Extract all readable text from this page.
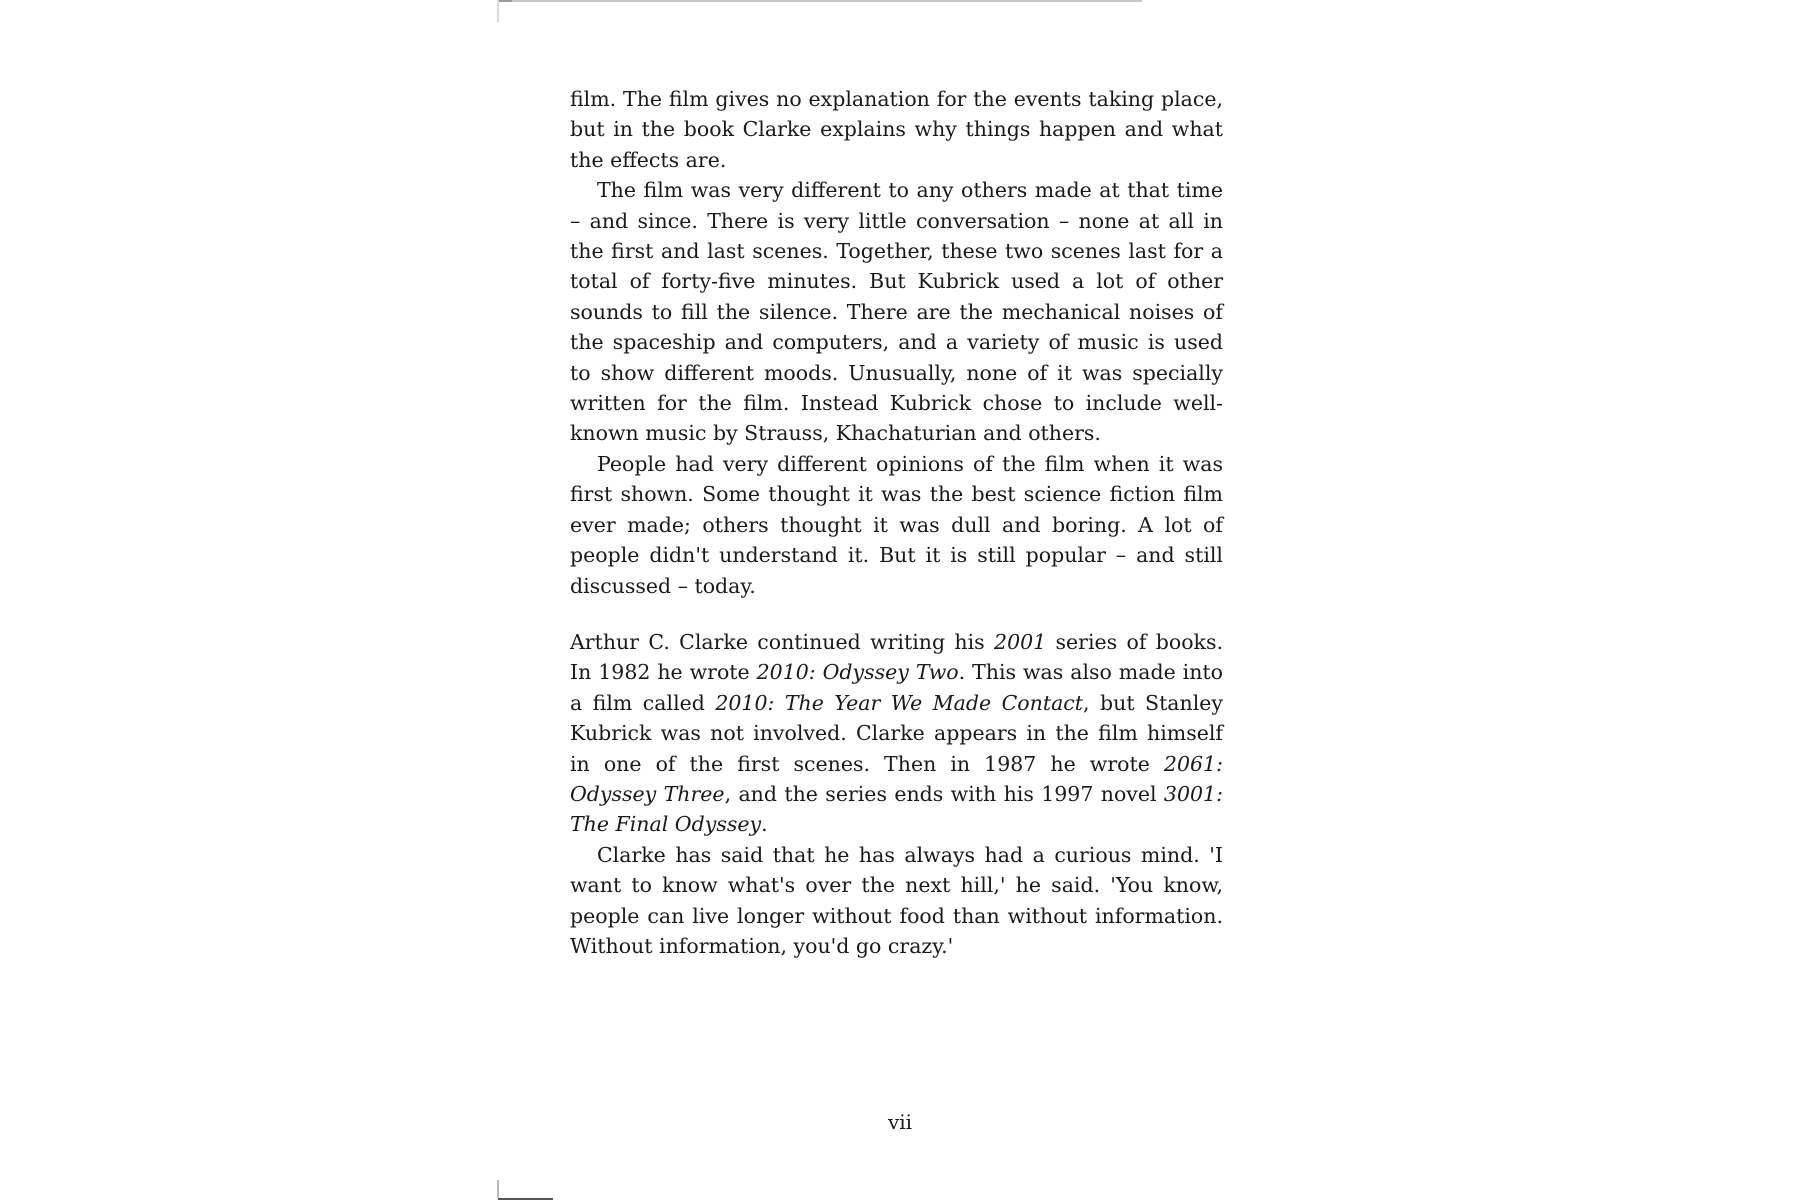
film. The film gives no explanation for the events taking place, but in the book Clarke explains why things happen and what the effects are.

The film was very different to any others made at that time – and since. There is very little conversation – none at all in the first and last scenes. Together, these two scenes last for a total of forty-five minutes. But Kubrick used a lot of other sounds to fill the silence. There are the mechanical noises of the spaceship and computers, and a variety of music is used to show different moods. Unusually, none of it was specially written for the film. Instead Kubrick chose to include well-known music by Strauss, Khachaturian and others.

People had very different opinions of the film when it was first shown. Some thought it was the best science fiction film ever made; others thought it was dull and boring. A lot of people didn't understand it. But it is still popular – and still discussed – today.

Arthur C. Clarke continued writing his 2001 series of books. In 1982 he wrote 2010: Odyssey Two. This was also made into a film called 2010: The Year We Made Contact, but Stanley Kubrick was not involved. Clarke appears in the film himself in one of the first scenes. Then in 1987 he wrote 2061: Odyssey Three, and the series ends with his 1997 novel 3001: The Final Odyssey.

Clarke has said that he has always had a curious mind. 'I want to know what's over the next hill,' he said. 'You know, people can live longer without food than without information. Without information, you'd go crazy.'

vii
